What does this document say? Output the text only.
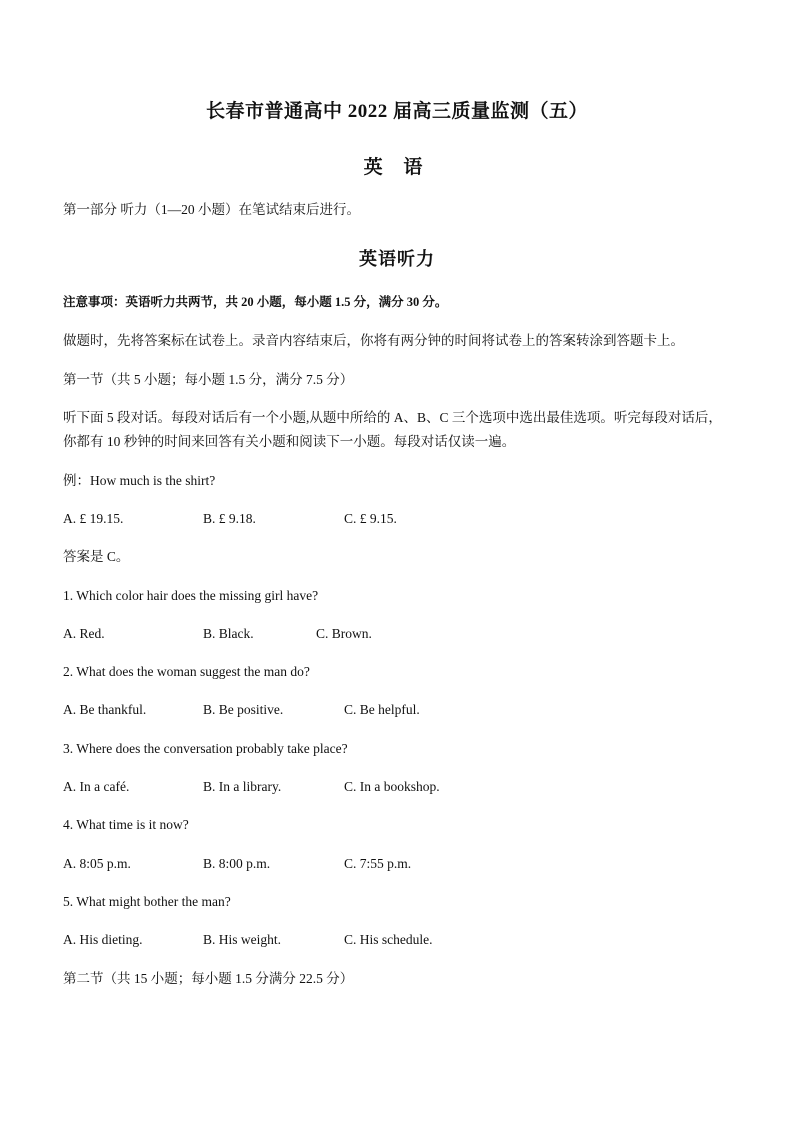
长春市普通高中 2022 届高三质量监测（五）
英 语
第一部分 听力（1—20 小题）在笔试结束后进行。
英语听力
注意事项：英语听力共两节，共 20 小题，每小题 1.5 分，满分 30 分。
做题时，先将答案标在试卷上。录音内容结束后，你将有两分钟的时间将试卷上的答案转涂到答题卡上。
第一节（共 5 小题；每小题 1.5 分，满分 7.5 分）
听下面 5 段对话。每段对话后有一个小题,从题中所给的 A、B、C 三个选项中选出最佳选项。听完每段对话后，
你都有 10 秒钟的时间来回答有关小题和阅读下一小题。每段对话仅读一遍。
例：How much is the shirt?
A. £ 19.15.	B. £ 9.18.	C. £ 9.15.
答案是 C。
1. Which color hair does the missing girl have?
A. Red.	B. Black.	C. Brown.
2. What does the woman suggest the man do?
A. Be thankful.	B. Be positive.	C. Be helpful.
3. Where does the conversation probably take place?
A. In a café.	B. In a library.	C. In a bookshop.
4. What time is it now?
A. 8:05 p.m.	B. 8:00 p.m.	C. 7:55 p.m.
5. What might bother the man?
A. His dieting.	B. His weight.	C. His schedule.
第二节（共 15 小题；每小题 1.5 分满分 22.5 分）
